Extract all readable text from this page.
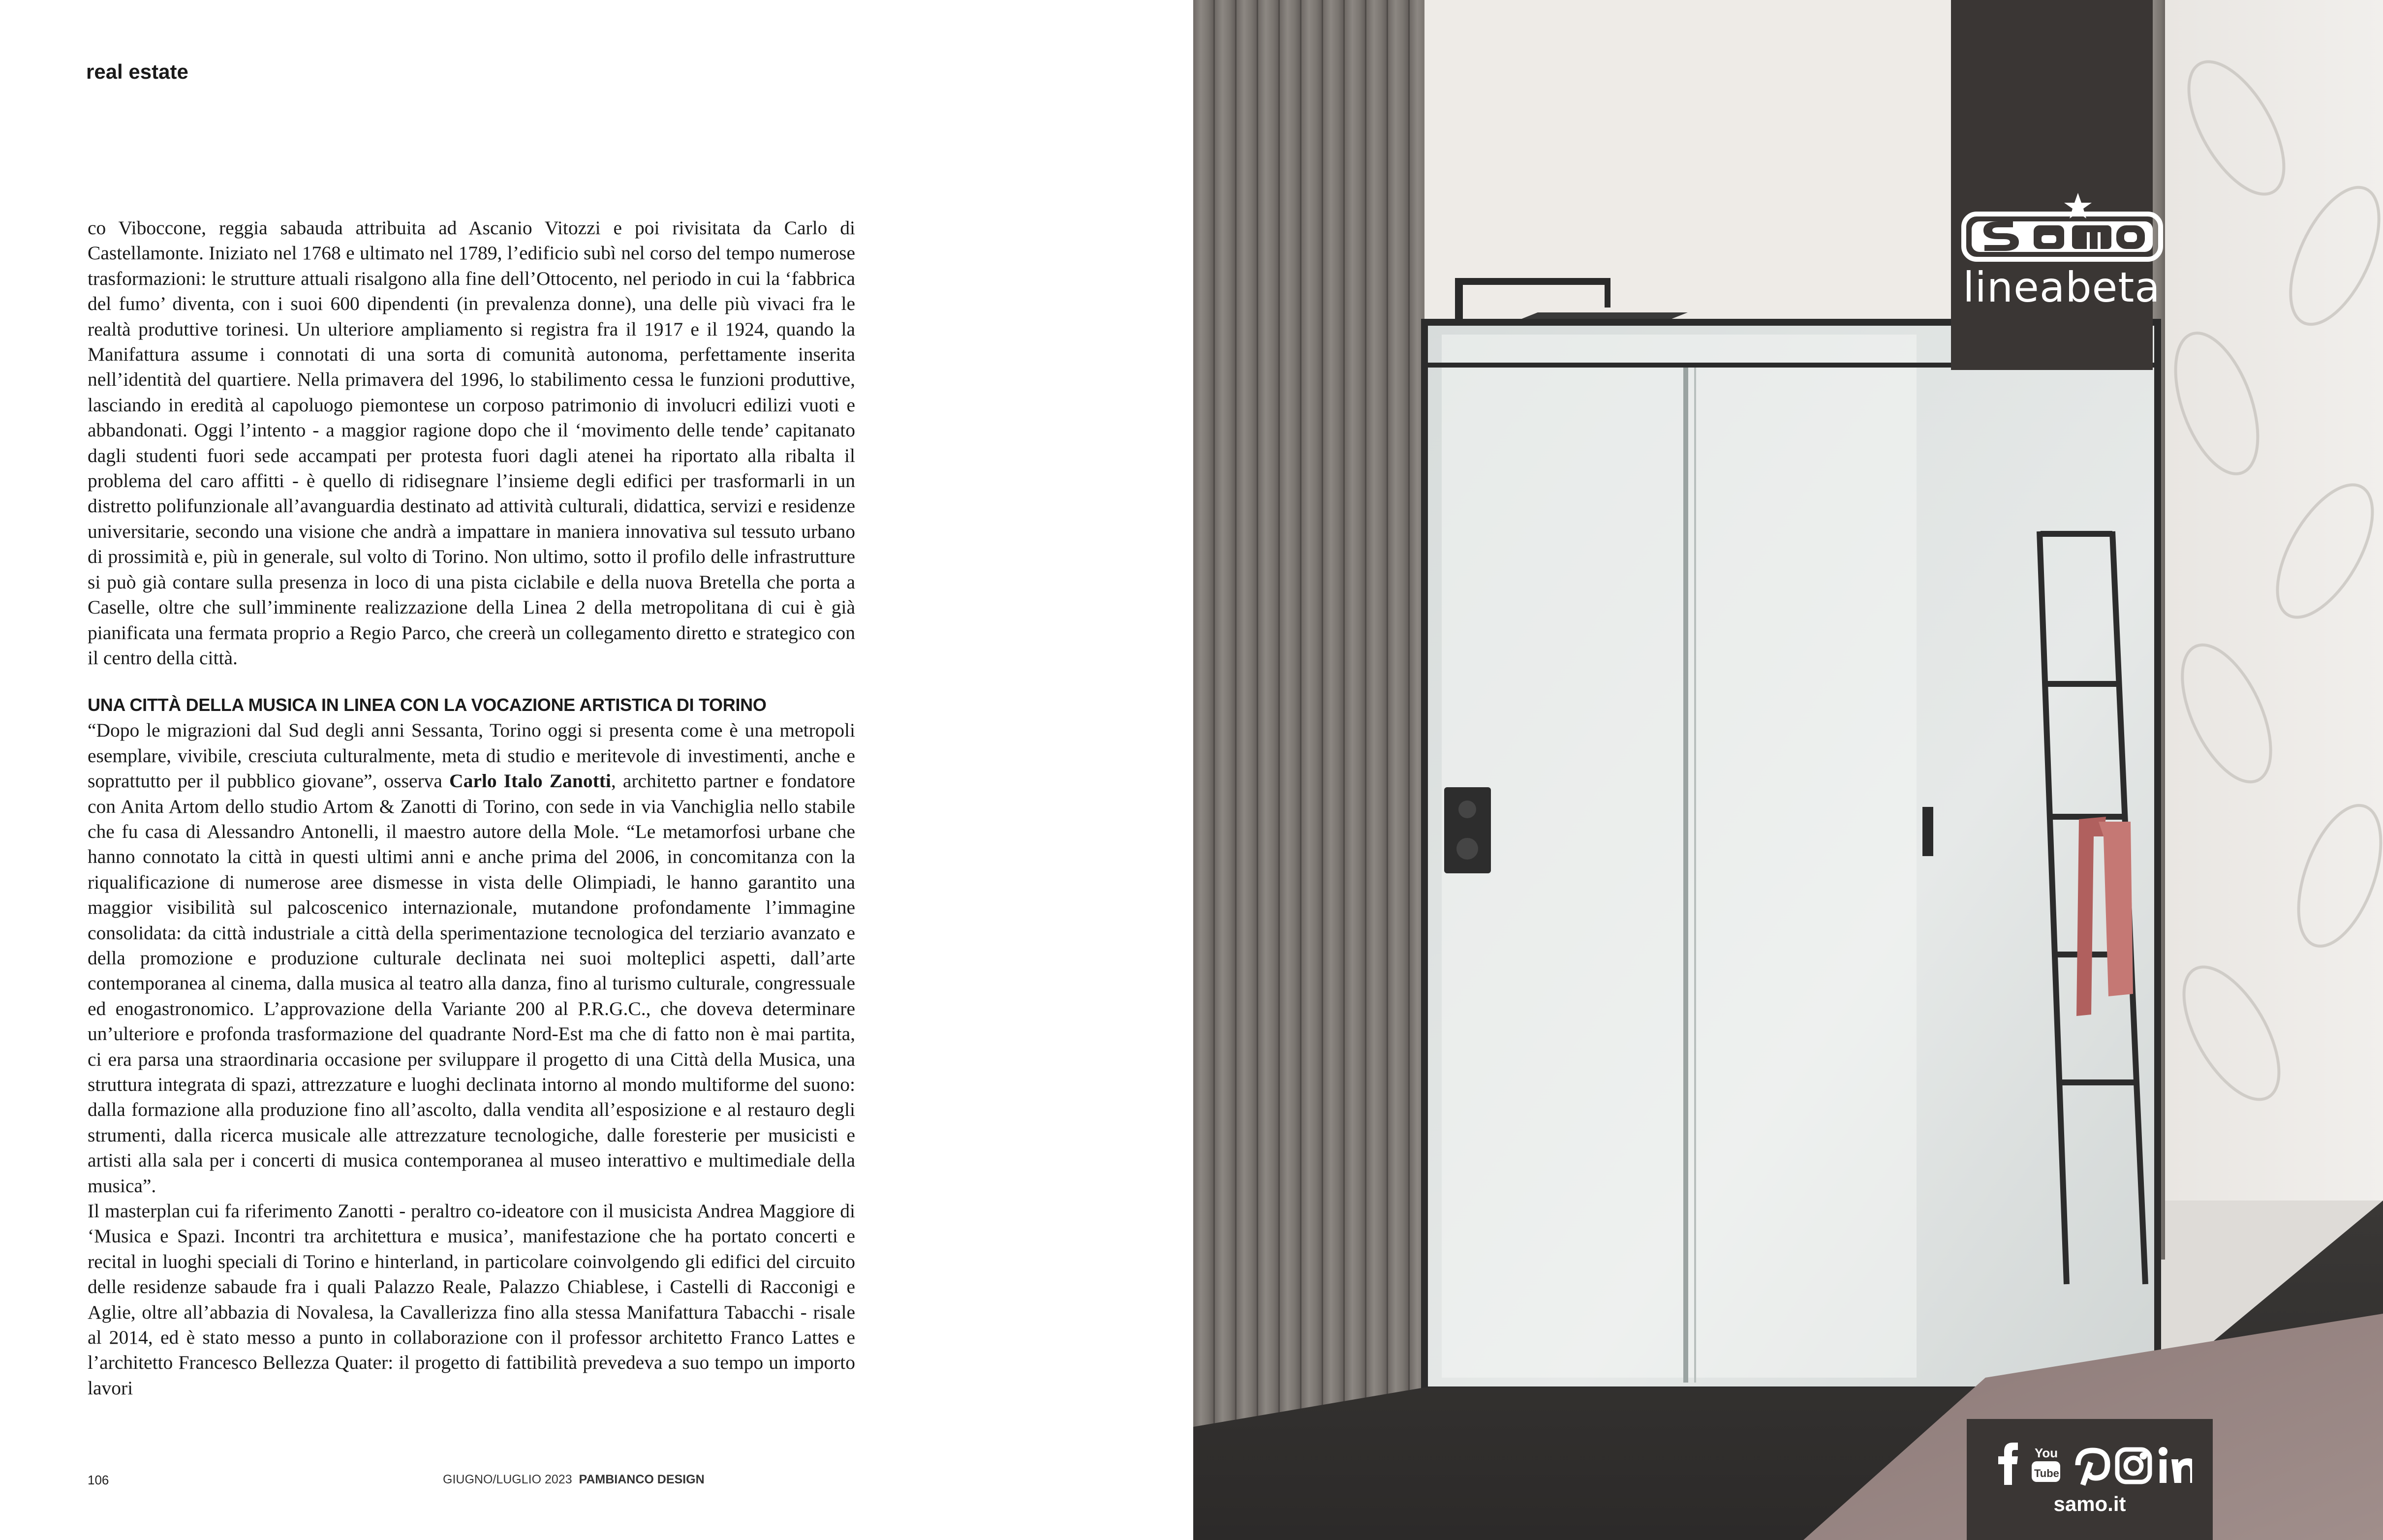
real estate

co Viboccone, reggia sabauda attribuita ad Ascanio Vitozzi e poi rivisitata da Carlo di Castellamonte. Iniziato nel 1768 e ultimato nel 1789, l’edificio subì nel corso del tempo numerose trasformazioni: le strutture attuali risalgono alla fine dell’Ottocento, nel periodo in cui la ‘fabbrica del fumo’ diventa, con i suoi 600 dipendenti (in prevalenza donne), una delle più vivaci fra le realtà produttive torinesi. Un ulteriore ampliamento si registra fra il 1917 e il 1924, quando la Manifattura assume i connotati di una sorta di comunità autonoma, perfettamente inserita nell’identità del quartiere. Nella primavera del 1996, lo stabilimento cessa le funzioni produttive, lasciando in eredità al capoluogo piemontese un corposo patrimonio di involucri edilizi vuoti e abbandonati. Oggi l’intento - a maggior ragione dopo che il ‘movimento delle tende’ capitanato dagli studenti fuori sede accampati per protesta fuori dagli atenei ha riportato alla ribalta il problema del caro affitti - è quello di ridisegnare l’insieme degli edifici per trasformarli in un distretto polifunzionale all’avanguardia destinato ad attività culturali, didattica, servizi e residenze universitarie, secondo una visione che andrà a impattare in maniera innovativa sul tessuto urbano di prossimità e, più in generale, sul volto di Torino. Non ultimo, sotto il profilo delle infrastrutture si può già contare sulla presenza in loco di una pista ciclabile e della nuova Bretella che porta a Caselle, oltre che sull’imminente realizzazione della Linea 2 della metropolitana di cui è già pianificata una fermata proprio a Regio Parco, che creerà un collegamento diretto e strategico con il centro della città.

UNA CITTÀ DELLA MUSICA IN LINEA CON LA VOCAZIONE ARTISTICA DI TORINO

“Dopo le migrazioni dal Sud degli anni Sessanta, Torino oggi si presenta come è una metropoli esemplare, vivibile, cresciuta culturalmente, meta di studio e meritevole di investimenti, anche e soprattutto per il pubblico giovane”, osserva Carlo Italo Zanotti, architetto partner e fondatore con Anita Artom dello studio Artom & Zanotti di Torino, con sede in via Vanchiglia nello stabile che fu casa di Alessandro Antonelli, il maestro autore della Mole. “Le metamorfosi urbane che hanno connotato la città in questi ultimi anni e anche prima del 2006, in concomitanza con la riqualificazione di numerose aree dismesse in vista delle Olimpiadi, le hanno garantito una maggior visibilità sul palcoscenico internazionale, mutandone profondamente l’immagine consolidata: da città industriale a città della sperimentazione tecnologica del terziario avanzato e della promozione e produzione culturale declinata nei suoi molteplici aspetti, dall’arte contemporanea al cinema, dalla musica al teatro alla danza, fino al turismo culturale, congressuale ed enogastronomico. L’approvazione della Variante 200 al P.R.G.C., che doveva determinare un’ulteriore e profonda trasformazione del quadrante Nord-Est ma che di fatto non è mai partita, ci era parsa una straordinaria occasione per sviluppare il progetto di una Città della Musica, una struttura integrata di spazi, attrezzature e luoghi declinata intorno al mondo multiforme del suono: dalla formazione alla produzione fino all’ascolto, dalla vendita all’esposizione e al restauro degli strumenti, dalla ricerca musicale alle attrezzature tecnologiche, dalle foresterie per musicisti e artisti alla sala per i concerti di musica contemporanea al museo interattivo e multimediale della musica”.

Il masterplan cui fa riferimento Zanotti - peraltro co-ideatore con il musicista Andrea Maggiore di ‘Musica e Spazi. Incontri tra architettura e musica’, manifestazione che ha portato concerti e recital in luoghi speciali di Torino e hinterland, in particolare coinvolgendo gli edifici del circuito delle residenze sabaude fra i quali Palazzo Reale, Palazzo Chiablese, i Castelli di Racconigi e Aglie, oltre all’abbazia di Novalesa, la Cavallerizza fino alla stessa Manifattura Tabacchi - risale al 2014, ed è stato messo a punto in collaborazione con il professor architetto Franco Lattes e l’architetto Francesco Bellezza Quater: il progetto di fattibilità prevedeva a suo tempo un importo lavori

106	GIUGNO/LUGLIO 2023 PAMBIANCO DESIGN
lineabeta
You
Tube
samo.it
